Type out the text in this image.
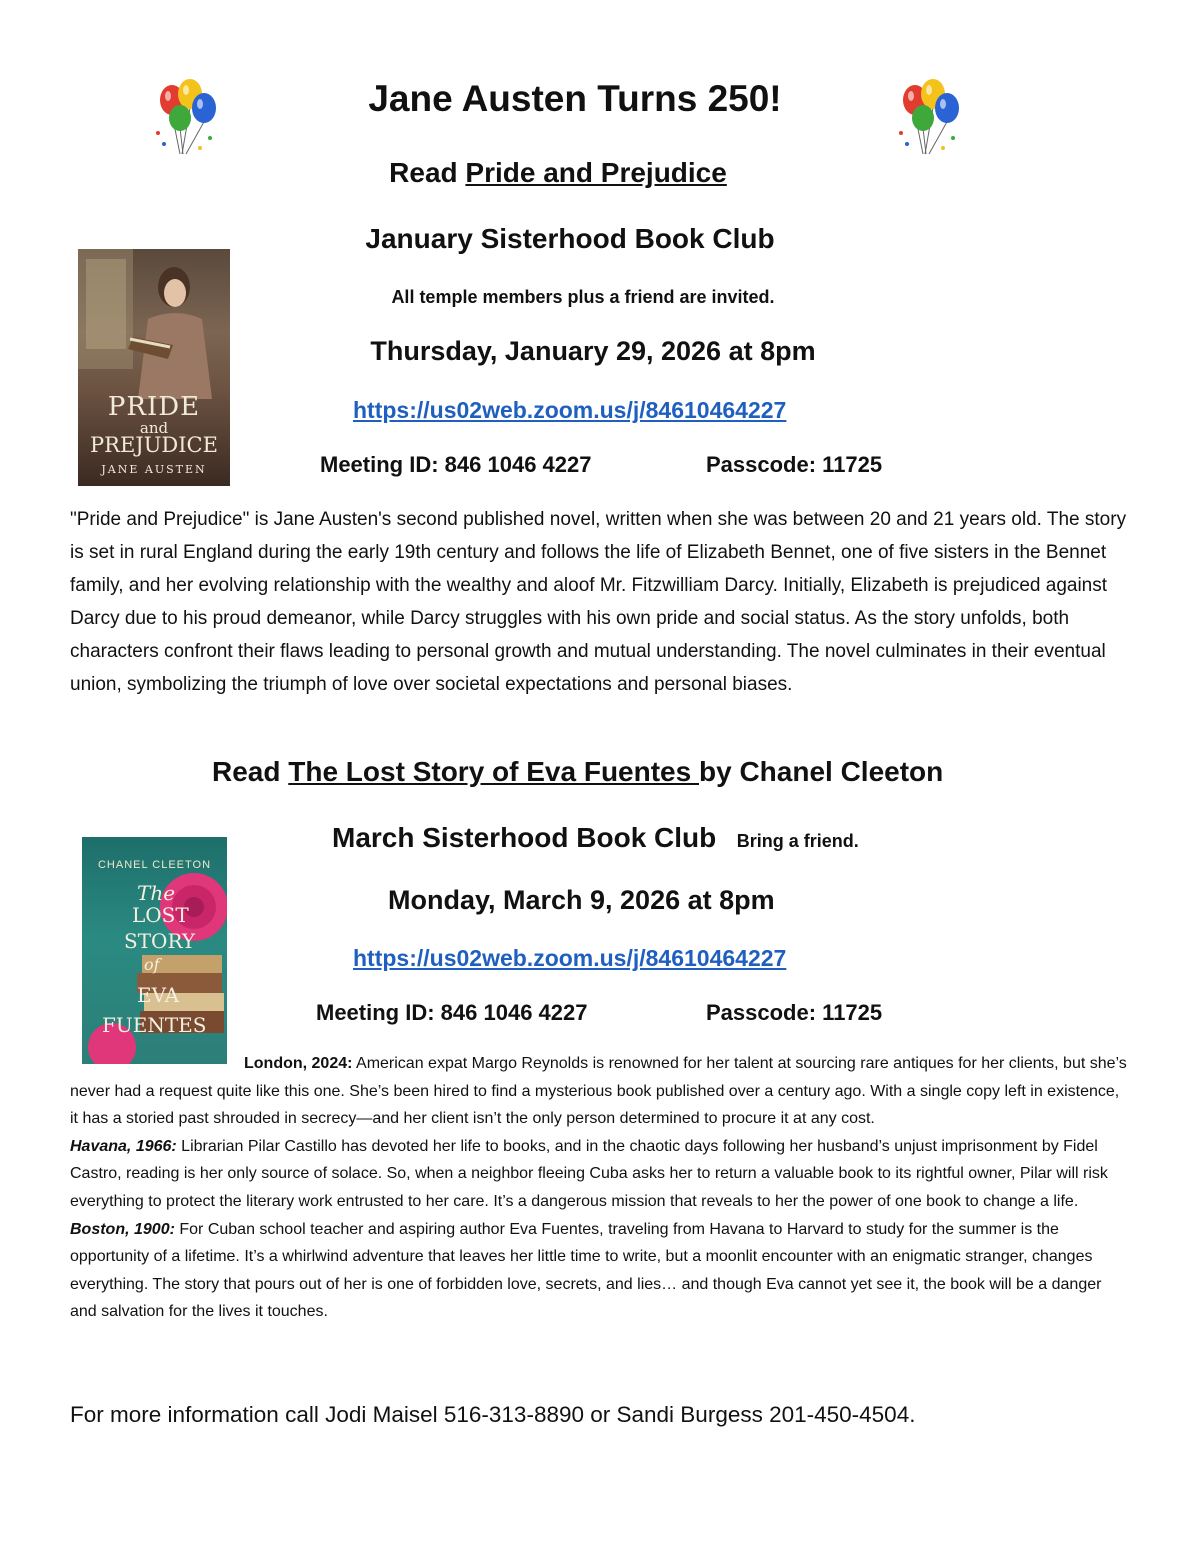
Jane Austen Turns 250!
Read Pride and Prejudice
January Sisterhood Book Club
All temple members plus a friend are invited.
Thursday, January 29, 2026 at 8pm
https://us02web.zoom.us/j/84610464227
Meeting ID: 846 1046 4227	Passcode: 11725
PRIDE
and
PREJUDICE
JANE AUSTEN
"Pride and Prejudice" is Jane Austen's second published novel, written when she was between 20 and 21 years old. The story is set in rural England during the early 19th century and follows the life of Elizabeth Bennet, one of five sisters in the Bennet family, and her evolving relationship with the wealthy and aloof Mr. Fitzwilliam Darcy. Initially, Elizabeth is prejudiced against Darcy due to his proud demeanor, while Darcy struggles with his own pride and social status. As the story unfolds, both characters confront their flaws leading to personal growth and mutual understanding. The novel culminates in their eventual union, symbolizing the triumph of love over societal expectations and personal biases.
Read The Lost Story of Eva Fuentes by Chanel Cleeton
March Sisterhood Book Club Bring a friend.
Monday, March 9, 2026 at 8pm
https://us02web.zoom.us/j/84610464227
Meeting ID: 846 1046 4227	Passcode: 11725
CHANEL CLEETON
The
LOST
STORY
of
EVA
FUENTES
London, 2024: American expat Margo Reynolds is renowned for her talent at sourcing rare antiques for her clients, but she’s never had a request quite like this one. She’s been hired to find a mysterious book published over a century ago. With a single copy left in existence, it has a storied past shrouded in secrecy—and her client isn’t the only person determined to procure it at any cost.
Havana, 1966: Librarian Pilar Castillo has devoted her life to books, and in the chaotic days following her husband’s unjust imprisonment by Fidel Castro, reading is her only source of solace. So, when a neighbor fleeing Cuba asks her to return a valuable book to its rightful owner, Pilar will risk everything to protect the literary work entrusted to her care. It’s a dangerous mission that reveals to her the power of one book to change a life.
Boston, 1900: For Cuban school teacher and aspiring author Eva Fuentes, traveling from Havana to Harvard to study for the summer is the opportunity of a lifetime. It’s a whirlwind adventure that leaves her little time to write, but a moonlit encounter with an enigmatic stranger, changes everything. The story that pours out of her is one of forbidden love, secrets, and lies… and though Eva cannot yet see it, the book will be a danger and salvation for the lives it touches.
For more information call Jodi Maisel 516-313-8890 or Sandi Burgess 201-450-4504.
